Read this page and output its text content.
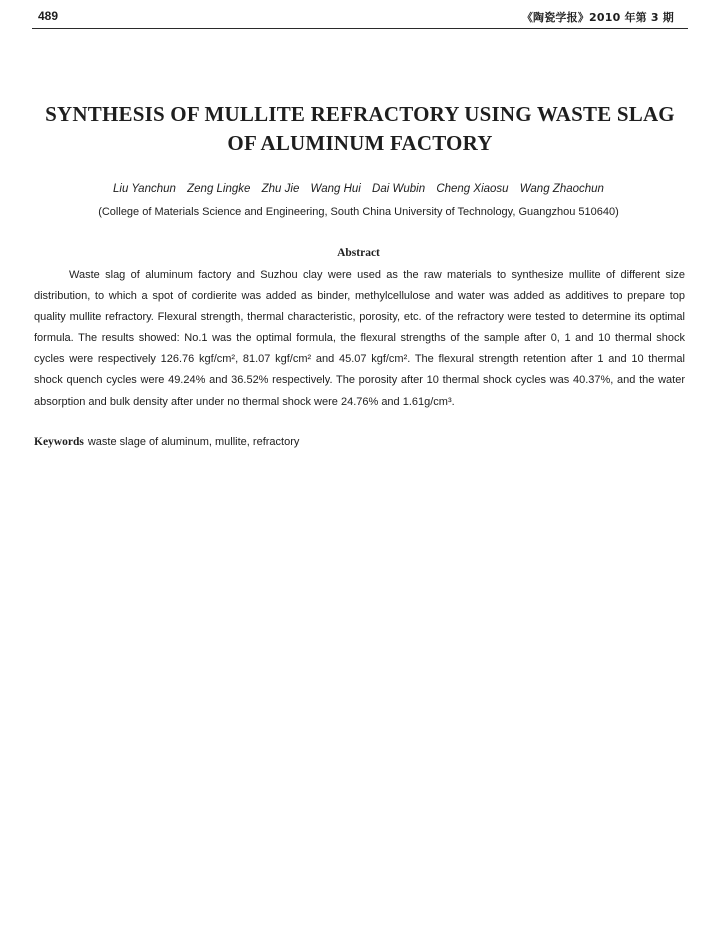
489	《陶瓷学报》2010 年第 3 期
SYNTHESIS OF MULLITE REFRACTORY USING WASTE SLAG
OF ALUMINUM FACTORY
Liu Yanchun Zeng Lingke Zhu Jie Wang Hui Dai Wubin Cheng Xiaosu Wang Zhaochun
(College of Materials Science and Engineering, South China University of Technology, Guangzhou 510640)
Abstract

Waste slag of aluminum factory and Suzhou clay were used as the raw materials to synthesize mullite of different size distribution, to which a spot of cordierite was added as binder, methylcellulose and water was added as additives to prepare top quality mullite refractory. Flexural strength, thermal characteristic, porosity, etc. of the refractory were tested to determine its optimal formula. The results showed: No.1 was the optimal formula, the flexural strengths of the sample after 0, 1 and 10 thermal shock cycles were respectively 126.76 kgf/cm², 81.07 kgf/cm² and 45.07 kgf/cm². The flexural strength retention after 1 and 10 thermal shock quench cycles were 49.24% and 36.52% respectively. The porosity after 10 thermal shock cycles was 40.37%, and the water absorption and bulk density after under no thermal shock were 24.76% and 1.61g/cm³.

Keywords waste slage of aluminum, mullite, refractory
